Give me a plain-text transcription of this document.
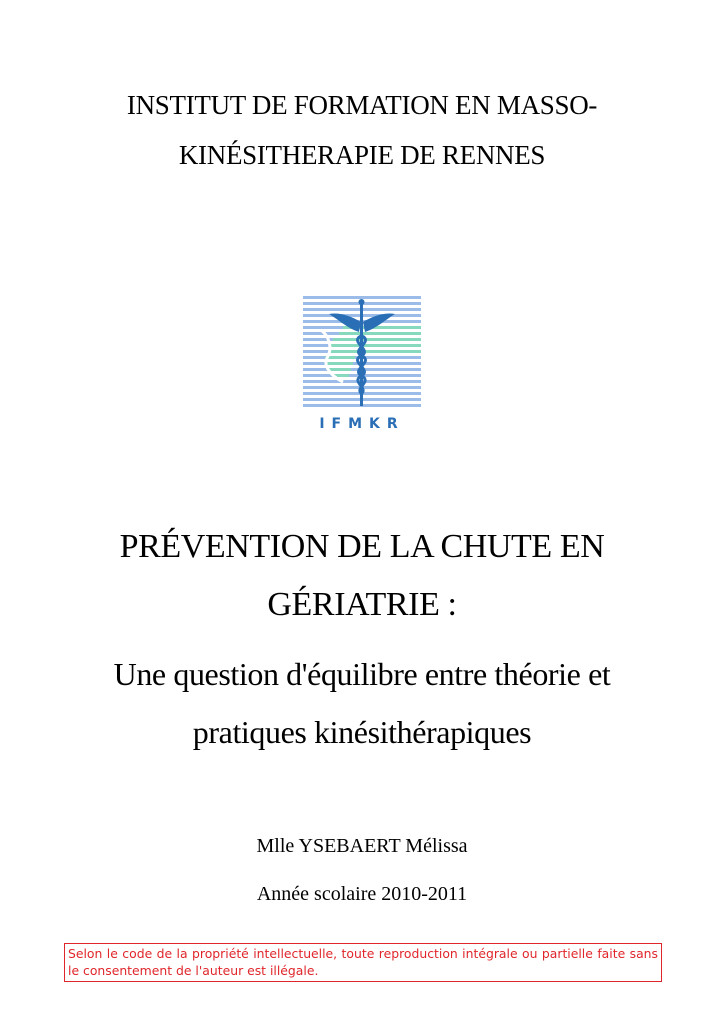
INSTITUT DE FORMATION EN MASSO-
KINÉSITHERAPIE DE RENNES
IFMKR
PRÉVENTION DE LA CHUTE EN
GÉRIATRIE :
Une question d'équilibre entre théorie et
pratiques kinésithérapiques
Mlle YSEBAERT Mélissa
Année scolaire 2010-2011
Selon le code de la propriété intellectuelle, toute reproduction intégrale ou partielle faite sans le consentement de l'auteur est illégale.
